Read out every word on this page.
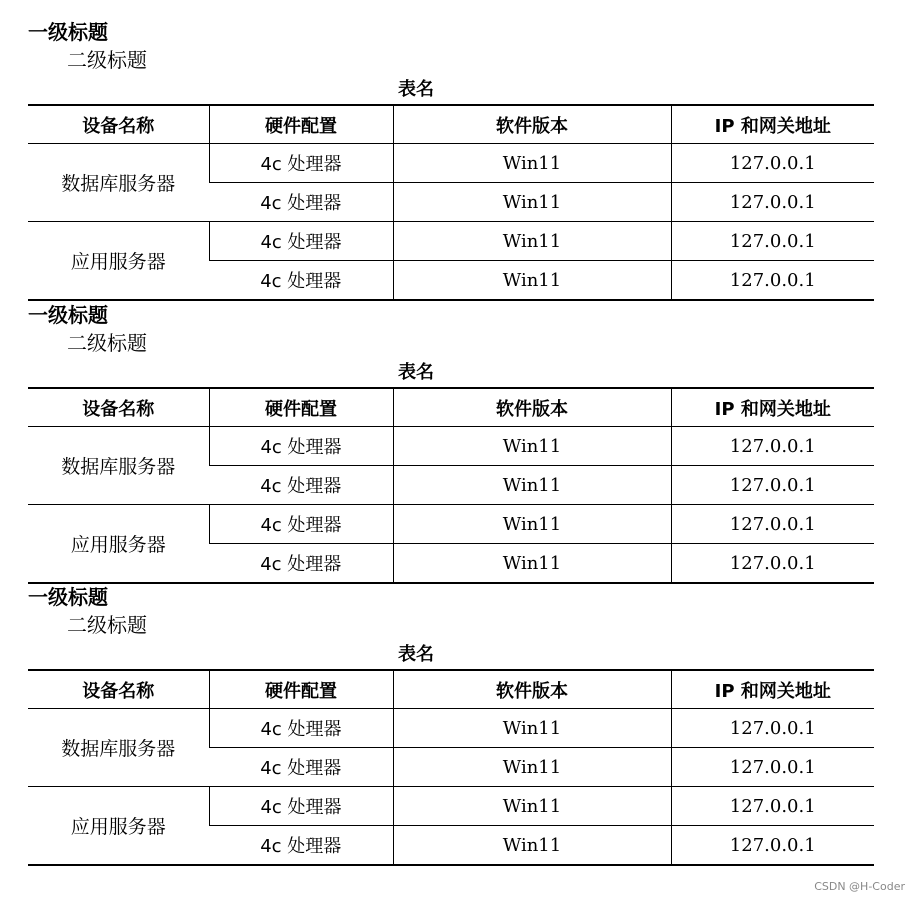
一级标题
二级标题
表名
设备名称	硬件配置	软件版本	IP 和网关地址
数据库服务器	4c 处理器	Win11	127.0.0.1
	4c 处理器	Win11	127.0.0.1
应用服务器	4c 处理器	Win11	127.0.0.1
	4c 处理器	Win11	127.0.0.1
一级标题
二级标题
表名
设备名称	硬件配置	软件版本	IP 和网关地址
数据库服务器	4c 处理器	Win11	127.0.0.1
	4c 处理器	Win11	127.0.0.1
应用服务器	4c 处理器	Win11	127.0.0.1
	4c 处理器	Win11	127.0.0.1
一级标题
二级标题
表名
设备名称	硬件配置	软件版本	IP 和网关地址
数据库服务器	4c 处理器	Win11	127.0.0.1
	4c 处理器	Win11	127.0.0.1
应用服务器	4c 处理器	Win11	127.0.0.1
	4c 处理器	Win11	127.0.0.1
CSDN @H-Coder
